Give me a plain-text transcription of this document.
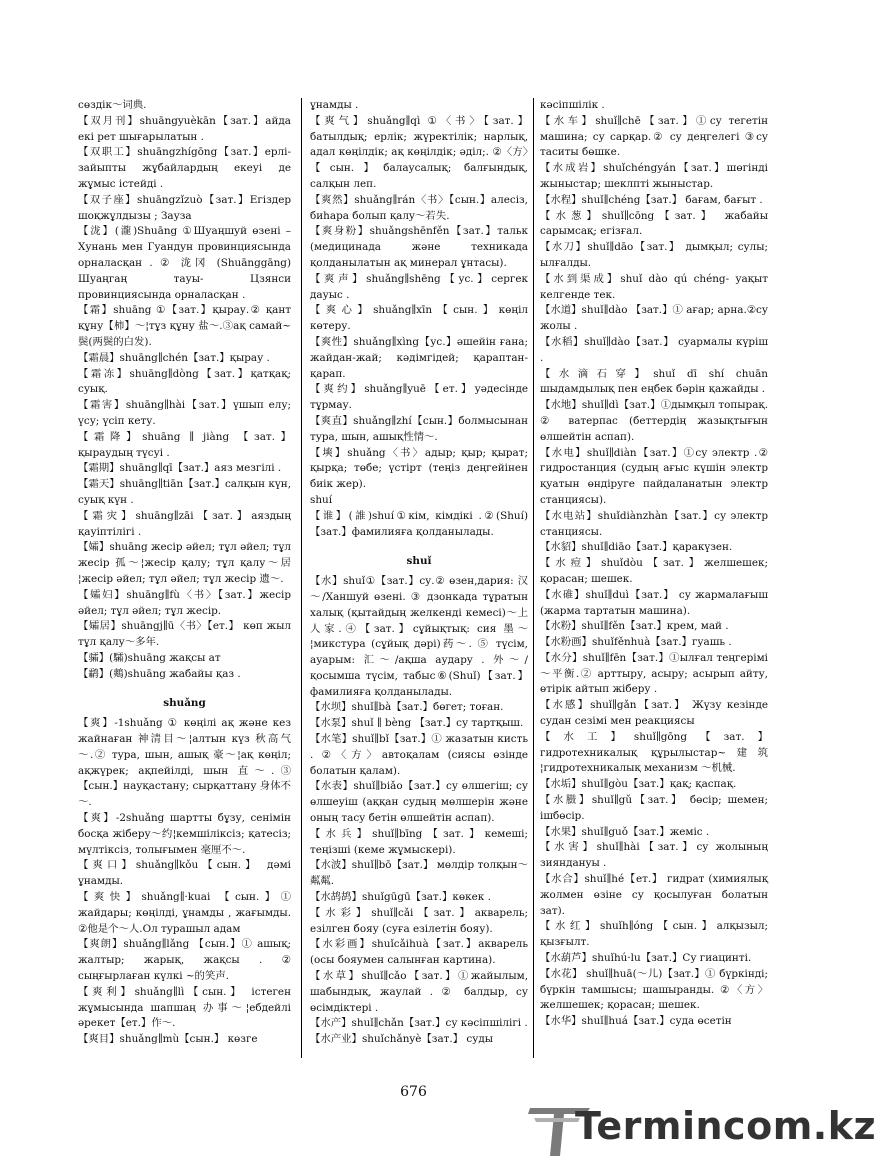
сөздік～词典.

【双月刊】shuāngyuèkān【зат.】айда екі рет шығарылатын .

【双职工】shuāngzhígōng【зат.】ерлі-зайыпты жұбайлардың екеуі де жұмыс істейді .

【双子座】shuāngzǐzuò【зат.】Егіздер шоқжұлдызы ; Зауза

【泷】(瀧)Shuāng ①Шуаңшуй өзені – Хунань мен Гуандун провинциясында орналасқан . ② 泷冈 (Shuānggāng) Шуаңгаң тауы- Цзянси провинциясында орналасқан .

【霜】shuāng ①【зат.】қырау.② қант құну【柿】～¦тұз құну 盐～.③ақ самай~鬓(两鬓的白发).

【霜晨】shuāng∥chén【зат.】қырау .

【霜冻】shuāng∥dòng【зат.】қатқақ; суық.

【霜害】shuāng∥hài【зат.】үшып елу; үсу; үсіп кету.

【霜降】shuāng ∥ jiàng 【зат.】қыраудың түсуі .

【霜期】shuāng∥qī【зат.】аяз мезгілі .

【霜天】shuāng∥tiān【зат.】салқын күн, суық күн .

【霜灾】shuāng∥zāi【зат.】аяздың қауіптілігі .

【孀】shuāng жесір әйел; тұл әйел; тұл жесір 孤～¦жесір қалу; тұл қалу～居¦жесір әйел; тұл әйел; тұл жесір 遗～.

【孀妇】shuāng∥fù〈书〉【зат.】жесір әйел; тұл әйел; тұл жесір.

【孀居】shuāngj∥ū〈书〉【ет.】 көп жыл тұл қалу～多年.

【骦】(驦)shuāng жақсы ат

【鹴】(鷞)shuāng жабайы қаз .

shuǎng

【爽】-1shuǎng ① көңілі ақ және кез жайнаған 神清目～¦алтын күз 秋高气～.② тура, шын, ашық 豪～¦ақ көңіл; ақжүрек; ақпейілді, шын 直～.③【сын.】науқастану; сырқаттану 身体不～.

【爽】-2shuǎng шартты бұзу, сенімін босқа жіберу～约¦кемшіліксіз; қатесіз; мүлтіксіз, толығымен 毫厘不～.

【爽口】shuǎng∥kǒu【сын.】 дәмі ұнамды.

【爽快】shuǎng∥·kuai 【сын.】① жайдары; көңілді, ұнамды , жағымды. ②他是个～人.Ол турашыл адам

【爽朗】shuǎng∥lǎng 【сын.】① ашық; жалтыр; жарық, жақсы . ② сыңғырлаған күлкі ~的笑声.

【爽利】shuǎng∥lì【сын.】 істеген жұмысында шапшаң 办事～¦ебдейлі әрекет【ет.】作～.

【爽目】shuǎng∥mù【сын.】 көзге

ұнамды .

【爽气】shuǎng∥qì ①〈书〉【зат.】батылдық; ерлік; жүректілік; нарлық, адал көңілдік; ақ көңілдік; әділ;. ②〈方〉【сын.】балаусалық; балғындық, салқын леп.

【爽然】shuǎng∥rán〈书〉【сын.】алесіз, биhара болып қалу～若失.

【爽身粉】shuǎngshēnfěn【зат.】тальк (медицинада және техникада қолданылатын ақ минерал ұнтасы).

【爽声】shuǎng∥shēng【ус.】сергек дауыс .

【爽心】shuǎng∥xīn【сын.】көңіл көтеру.

【爽性】shuǎng∥xìng【ус.】әшейін ғана; жайдан-жай; кәдімгідей; қараптан-қарап.

【爽约】shuǎng∥yuē【ет.】уәдесінде тұрмау.

【爽直】shuǎng∥zhí【сын.】болмысынан тура, шын, ашық性情～.

【塽】shuǎng〈书〉адыр; қыр; қырат; қырқа; төбе; үстірт (теңіз деңгейінен биік жер).

shuí

【谁】(誰)shuí①кім, кімдікі .②(Shuí)【зат.】фамилияға қолданылады.

shuǐ

【水】shuǐ①【зат.】су.② өзен,дария: 汉～/Ханшуй өзені. ③ дзонкада тұратын халық (қытайдың желкенді кемесі)～上人家.④【зат.】сұйықтық: сия 墨～¦микстура (сұйық дәрі)药～. ⑤ түсім, ауарым: 汇～/ақша аударy . 外～/қосымша түсім, табыс⑥(Shuǐ)【зат.】фамилияға қолданылады.

【水坝】shuǐ∥bà【зат.】бөгет; тоған.

【水泵】shuǐ ∥ bèng 【зат.】су тартқыш.

【水笔】shuǐ∥bǐ【зат.】① жазатын кисть . ②〈方〉автоқалам (сиясы өзінде болатын қалам).

【水表】shuǐ∥biǎo【зат.】су өлшегіш; су өлшеуіш (аққан судың мөлшерін және оның тасу бетін өлшейтін аспап).

【水兵】shuǐ∥bīng【зат.】кемеші; теңізші (кеме жұмыскері).

【水波】shuǐ∥bō【зат.】 мөлдір толқын～粼粼.

【水鸪鸪】shuǐgūgū【зат.】көкек .

【水彩】shuǐ∥cǎi【зат.】акварель; езілген бояу (суға езілетін бояу).

【水彩画】shuǐcǎihuà【зат.】акварель (осы бояумен салынған картина).

【水草】shuǐ∥cǎo【зат.】①жайылым, шабындық, жаулай . ② балдыр, су өсімдіктері .

【水产】shuǐ∥chǎn【зат.】су кәсіпшілігі .

【水产业】shuǐchǎnyè【зат.】 суды

кәсіпшілік .

【水车】shuǐ∥chē【зат.】①су тегетін машина; су сарқар.② су деңгелегі ③су таситы бөшке.

【水成岩】shuǐchéngyán【зат.】шөгінді жыныстар; шеклпті жыныстар.

【水程】shuǐ∥chéng【зат.】 бағам, бағыт .

【水葱】shuǐ∥cōng【зат.】 жабайы сарымсақ; егізғал.

【水刀】shuǐ∥dāo【зат.】 дымқыл; сулы; ылғалды.

【水到渠成】shuǐ dào qú chéng- уақыт келгенде тек.

【水道】shuǐ∥dào 【зат.】① ағар; арна.②су жолы .

【水稻】shuǐ∥dào【зат.】 суармалы күріш .

【水滴石穿】shuǐ dī shí chuān шыдамдылық пен еңбек бәрін қажайды .

【水地】shuǐ∥dì【зат.】①дымқыл топырақ. ② ватерпас (беттердің жазықтығын өлшейтін аспап).

【水电】shuǐ∥diàn【зат.】①су электр .② гидростанция (судың ағыс күшін электр қуатын өндіруге пайдаланатын электр станциясы).

【水电站】shuǐdiànzhàn【зат.】су электр станциясы.

【水貂】shuǐ∥diāo【зат.】қаракүзен.

【水痘】shuǐdòu【зат.】желшешек; қорасан; шешек.

【水碓】shuǐ∥duì【зат.】 су жармалағыш (жарма тартатын машина).

【水粉】shuǐ∥fěn【зат.】крем, май .

【水粉画】shuǐfěnhuà【зат.】гуашь .

【水分】shuǐ∥fēn【зат.】①ылғал теңгерімі～平衡.② арттыру, асыру; асырып айту, өтірік айтып жіберу .

【水感】shuǐ∥gǎn【зат.】 Жүзу кезінде судан сезімі мен реакциясы

【水工】shuǐ∥gōng【зат.】гидротехникалық құрылыстар~建筑¦гидротехникалық механизм ～机械.

【水垢】shuǐ∥gòu【зат.】қақ; қаспақ.

【水臌】shuǐ∥gǔ【зат.】 бөсір; шемен; ішбөсір.

【水果】shuǐ∥guǒ【зат.】жеміс .

【水害】shuǐ∥hài【зат.】су жолының зиянданyы .

【水合】shuǐ∥hé【ет.】 гидрат (химиялық жолмен өзіне су қосылуған болатын зат).

【水红】shuǐh∥óng【сын.】алқызыл; қызғылт.

【水葫芦】shuǐhú·lu【зат.】Су гиацинті.

【水花】 shuǐ∥huā(～儿)【зат.】① бүркінді; бүркін тамшысы; шашыранды. ②〈方〉желшешек; қорасан; шешек.

【水华】shuǐ∥huá【зат.】суда өсетін

676
Termincom.kz
